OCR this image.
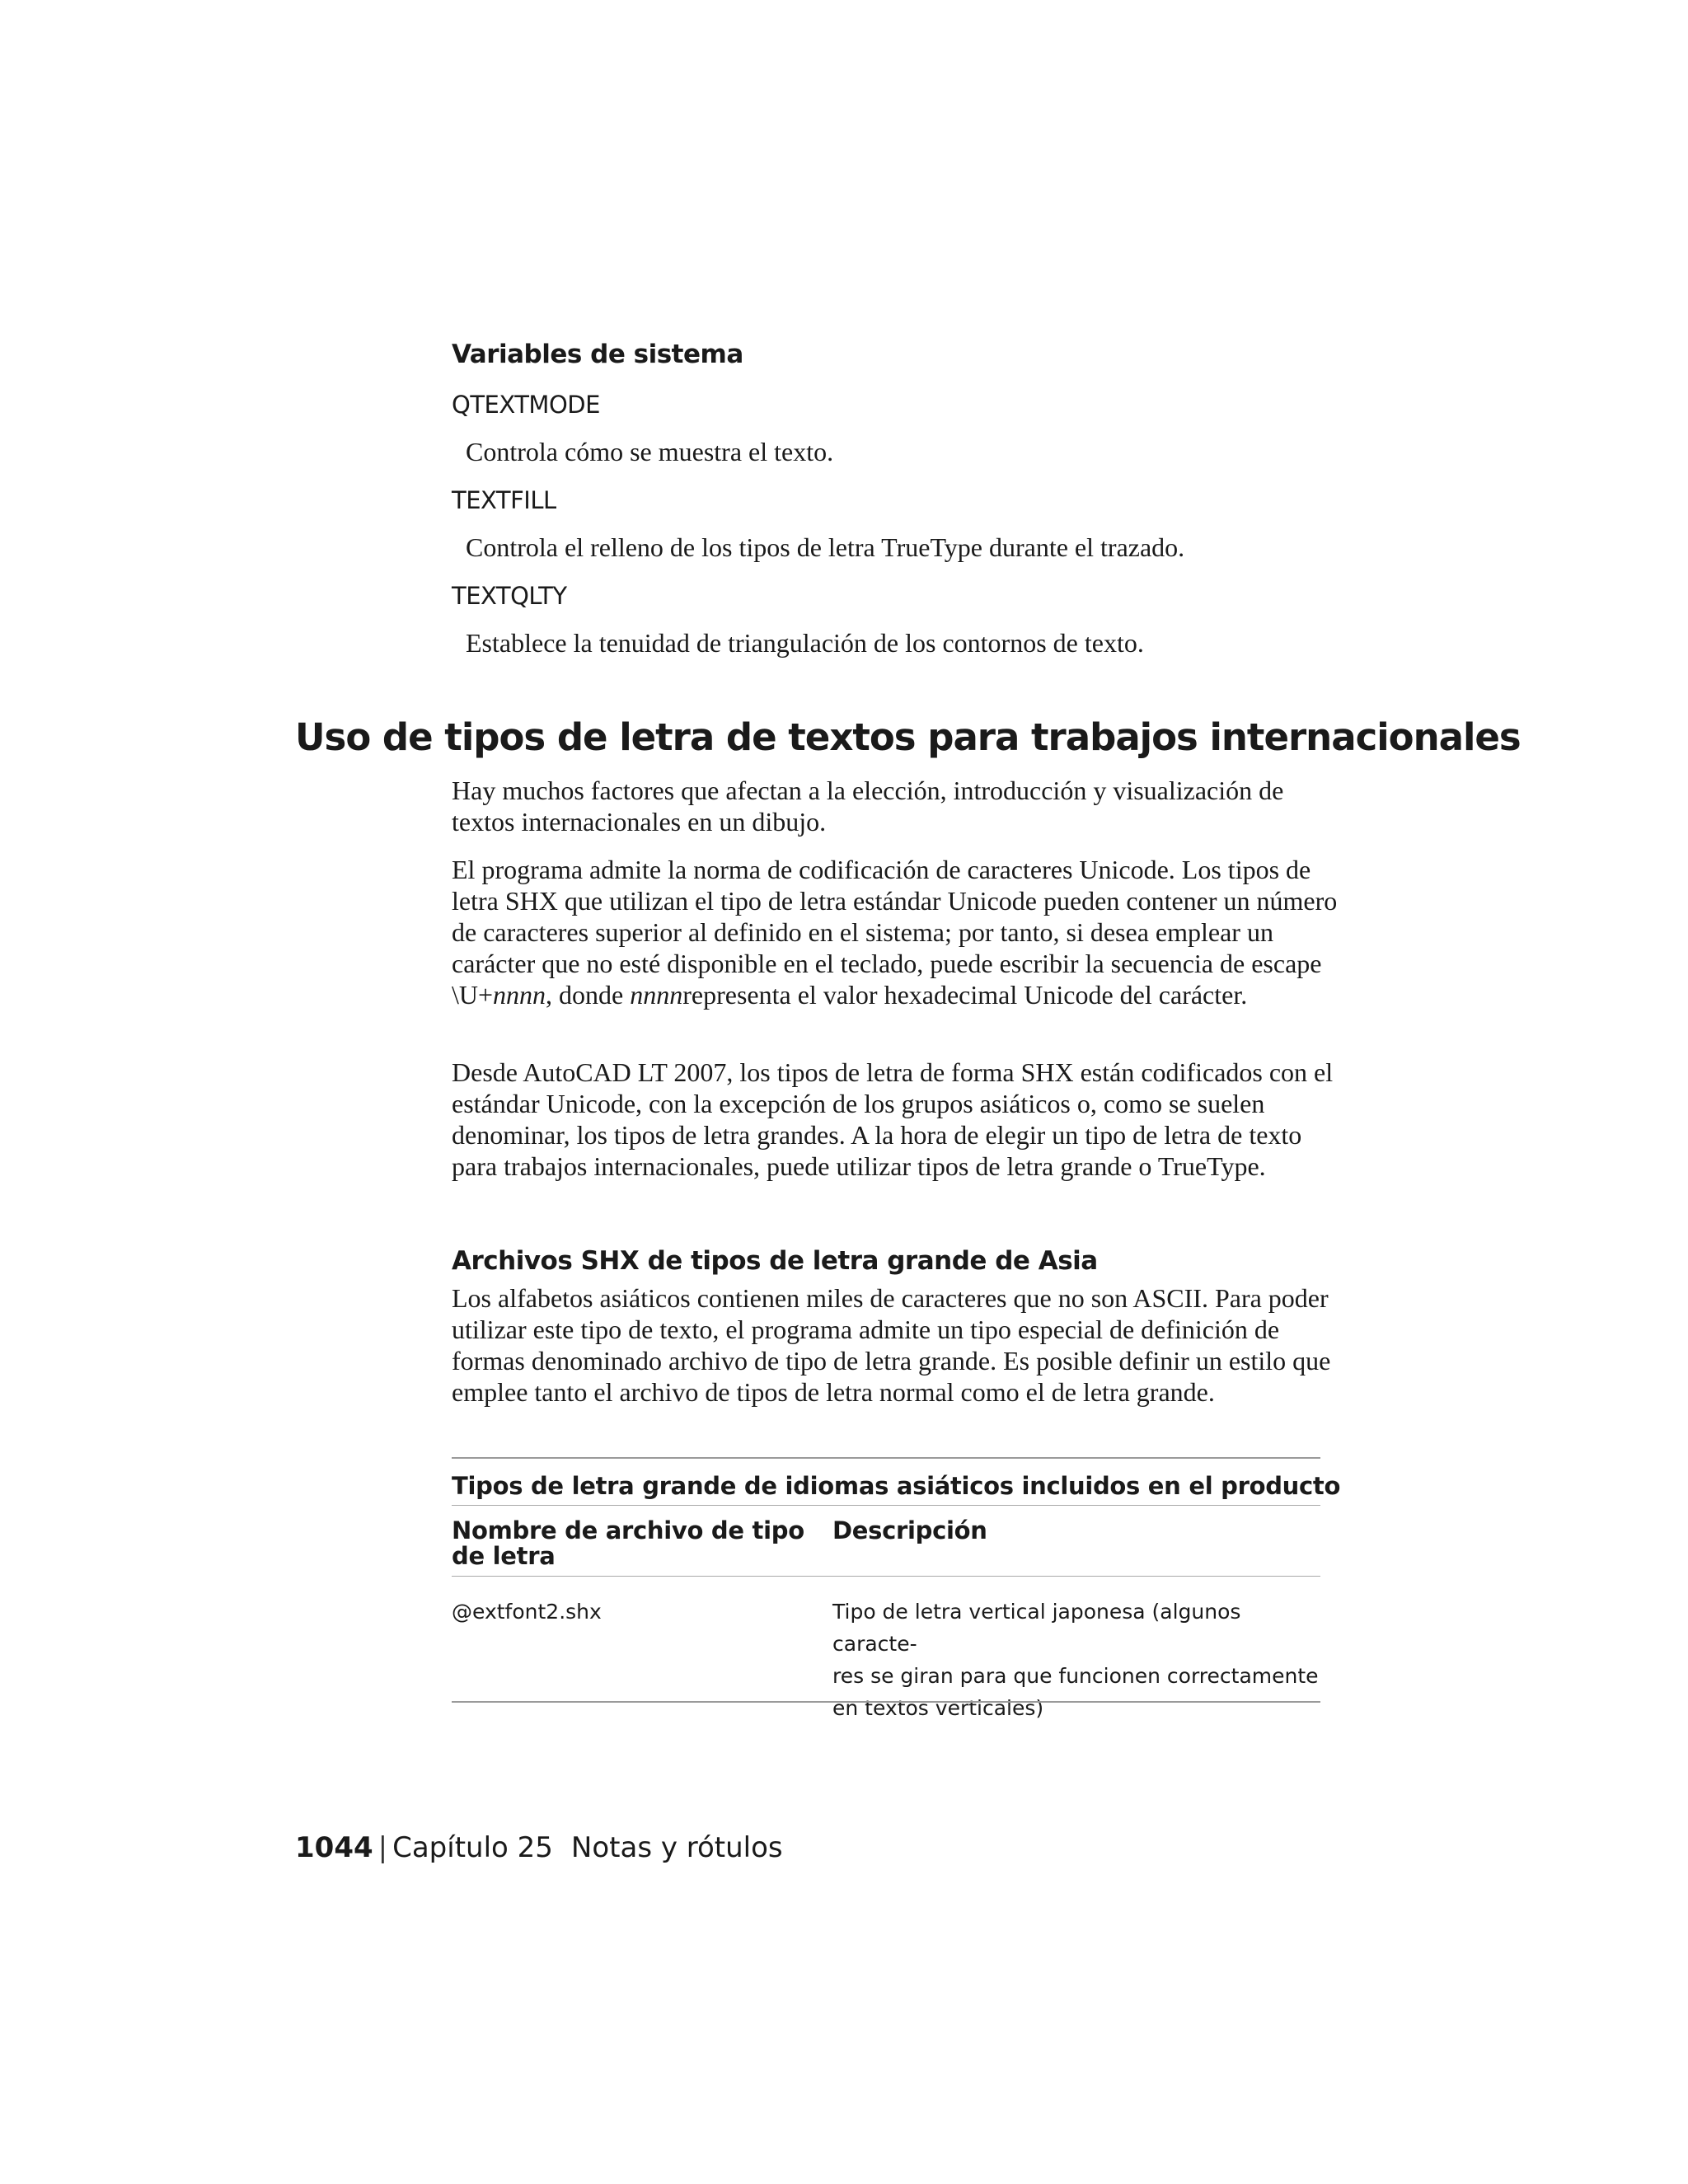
Variables de sistema
QTEXTMODE
Controla cómo se muestra el texto.
TEXTFILL
Controla el relleno de los tipos de letra TrueType durante el trazado.
TEXTQLTY
Establece la tenuidad de triangulación de los contornos de texto.
Uso de tipos de letra de textos para trabajos internacionales

Hay muchos factores que afectan a la elección, introducción y visualización de textos internacionales en un dibujo.

El programa admite la norma de codificación de caracteres Unicode. Los tipos de letra SHX que utilizan el tipo de letra estándar Unicode pueden contener un número de caracteres superior al definido en el sistema; por tanto, si desea emplear un carácter que no esté disponible en el teclado, puede escribir la secuencia de escape \U+nnnn, donde nnnnrepresenta el valor hexadecimal Unicode del carácter.

Desde AutoCAD LT 2007, los tipos de letra de forma SHX están codificados con el estándar Unicode, con la excepción de los grupos asiáticos o, como se suelen denominar, los tipos de letra grandes. A la hora de elegir un tipo de letra de texto para trabajos internacionales, puede utilizar tipos de letra grande o TrueType.

Archivos SHX de tipos de letra grande de Asia

Los alfabetos asiáticos contienen miles de caracteres que no son ASCII. Para poder utilizar este tipo de texto, el programa admite un tipo especial de definición de formas denominado archivo de tipo de letra grande. Es posible definir un estilo que emplee tanto el archivo de tipos de letra normal como el de letra grande.

Tipos de letra grande de idiomas asiáticos incluidos en el producto
Nombre de archivo de tipo de letra
Descripción
@extfont2.shx	Tipo de letra vertical japonesa (algunos caracte-
res se giran para que funcionen correctamente
en textos verticales)
1044 | Capítulo 25 Notas y rótulos
